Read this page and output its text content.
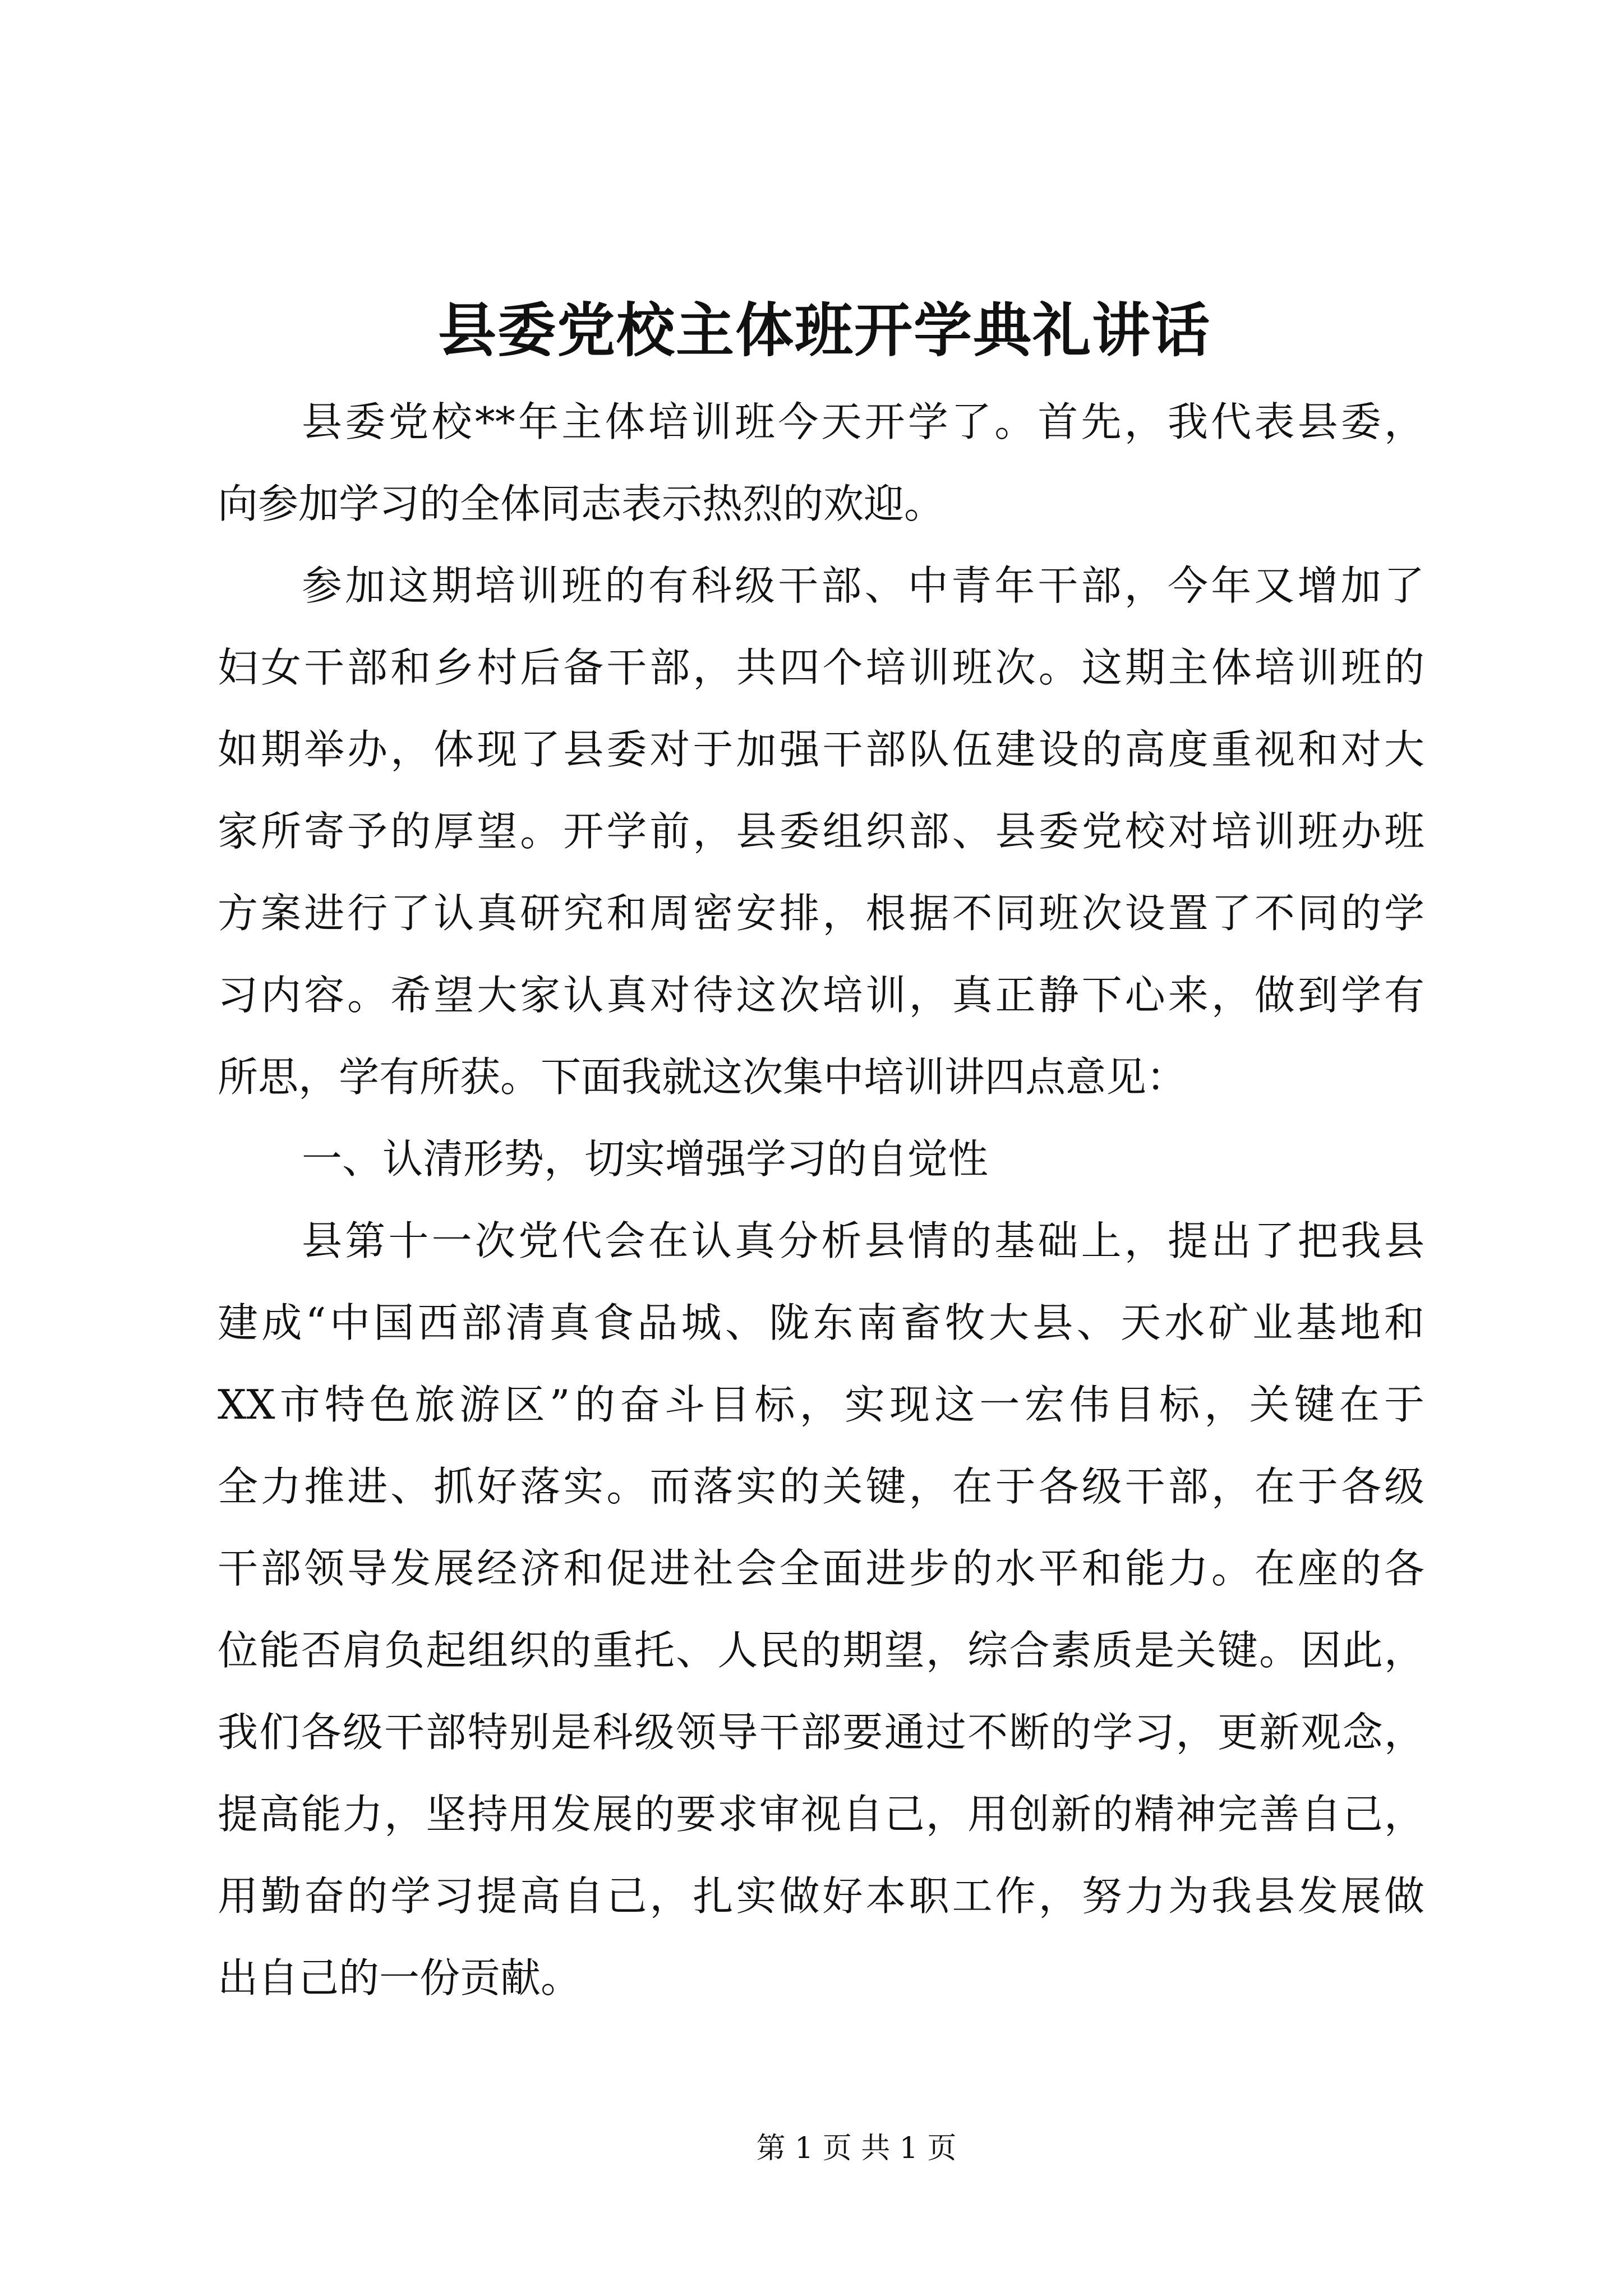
县委党校主体班开学典礼讲话
县委党校**年主体培训班今天开学了。首先，我代表县委，
向参加学习的全体同志表示热烈的欢迎。
参加这期培训班的有科级干部、中青年干部，今年又增加了
妇女干部和乡村后备干部，共四个培训班次。这期主体培训班的
如期举办，体现了县委对于加强干部队伍建设的高度重视和对大
家所寄予的厚望。开学前，县委组织部、县委党校对培训班办班
方案进行了认真研究和周密安排，根据不同班次设置了不同的学
习内容。希望大家认真对待这次培训，真正静下心来，做到学有
所思，学有所获。下面我就这次集中培训讲四点意见：
一、认清形势，切实增强学习的自觉性
县第十一次党代会在认真分析县情的基础上，提出了把我县
建成“中国西部清真食品城、陇东南畜牧大县、天水矿业基地和
XX市特色旅游区”的奋斗目标，实现这一宏伟目标，关键在于
全力推进、抓好落实。而落实的关键，在于各级干部，在于各级
干部领导发展经济和促进社会全面进步的水平和能力。在座的各
位能否肩负起组织的重托、人民的期望，综合素质是关键。因此，
我们各级干部特别是科级领导干部要通过不断的学习，更新观念，
提高能力，坚持用发展的要求审视自己，用创新的精神完善自己，
用勤奋的学习提高自己，扎实做好本职工作，努力为我县发展做
出自己的一份贡献。
第 1 页 共 1 页
